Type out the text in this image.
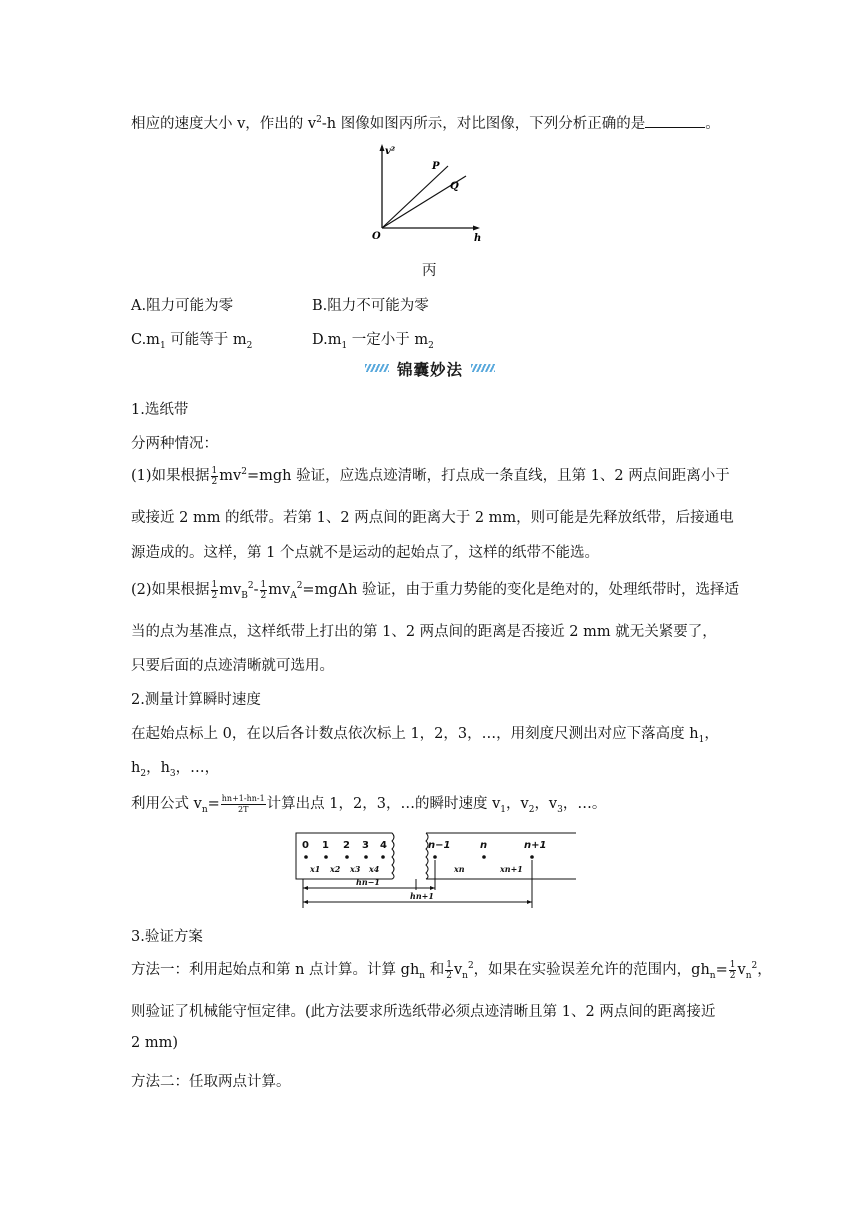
相应的速度大小 v，作出的 $v^2-h$ 图像如图丙所示，对比图像，下列分析正确的是	。
v²
h
O
P
Q
丙
A.阻力可能为零	B.阻力不可能为零
$C.m_1$ 可能等于 $m_2$	$D.m_1$ 一定小于 $m_2$
锦囊妙法
1.选纸带
分两种情况：
(1)如果根据 $\frac{1}{2} mv^2=mgh$ 验证，应选点迹清晰，打点成一条直线，且第 1、2 两点间距离小于
或接近 2 mm 的纸带。若第 1、2 两点间的距离大于 2 mm，则可能是先释放纸带，后接通电
源造成的。这样，第 1 个点就不是运动的起始点了，这样的纸带不能选。
(2)如果根据 $\frac{1}{2} mv_B^2- \frac{1}{2} mv_A^2=mg\Delta h$ 验证，由于重力势能的变化是绝对的，处理纸带时，选择适
当的点为基准点，这样纸带上打出的第 1、2 两点间的距离是否接近 2 mm 就无关紧要了，
只要后面的点迹清晰就可选用。
2.测量计算瞬时速度
在起始点标上 0，在以后各计数点依次标上 1，2，3，…，用刻度尺测出对应下落高度 $h_1$，
$h_2$，$h_3$，…，
利用公式 $v_n= \frac{hn+1-hn-1}{2T}$ 计算出点 1，2，3，…的瞬时速度 $v_1$，$v_2$，$v_3$，…。
0 1 2 3 4	n−1	n	n+1
x1 x2 x3 x4	xn	xn+1
hn−1
hn+1
3.验证方案
方法一：利用起始点和第 n 点计算。计算 $gh_n$ 和 $\frac{1}{2} v_n^2$，如果在实验误差允许的范围内，$gh_n= \frac{1}{2} v_n^2$，
则验证了机械能守恒定律。(此方法要求所选纸带必须点迹清晰且第 1、2 两点间的距离接近
2 mm)
方法二：任取两点计算。
